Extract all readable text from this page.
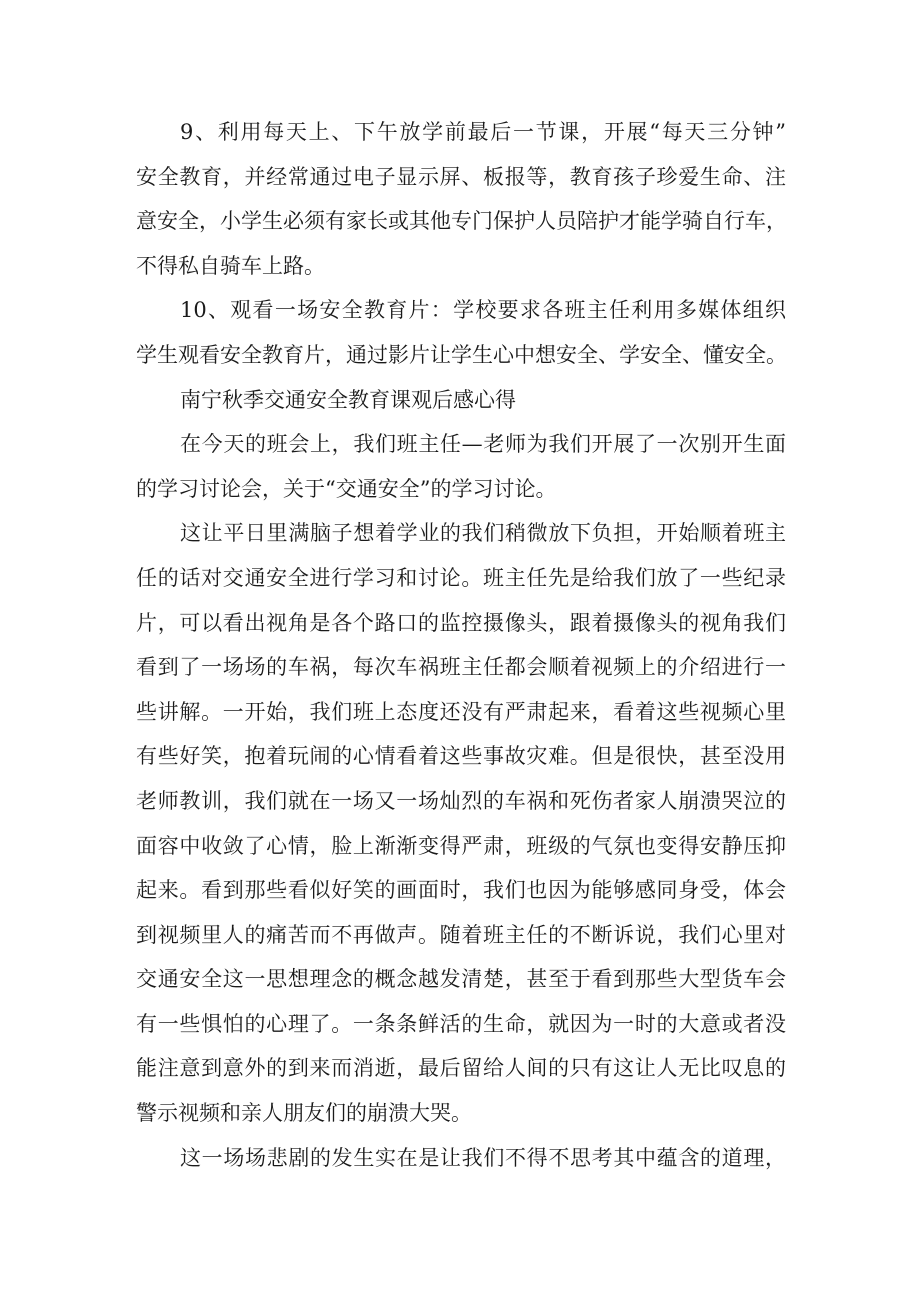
9、利用每天上、下午放学前最后一节课，开展“每天三分钟”
安全教育，并经常通过电子显示屏、板报等，教育孩子珍爱生命、注
意安全，小学生必须有家长或其他专门保护人员陪护才能学骑自行车，
不得私自骑车上路。
10、观看一场安全教育片：学校要求各班主任利用多媒体组织
学生观看安全教育片，通过影片让学生心中想安全、学安全、懂安全。
南宁秋季交通安全教育课观后感心得
在今天的班会上，我们班主任—老师为我们开展了一次别开生面
的学习讨论会，关于“交通安全”的学习讨论。
这让平日里满脑子想着学业的我们稍微放下负担，开始顺着班主
任的话对交通安全进行学习和讨论。班主任先是给我们放了一些纪录
片，可以看出视角是各个路口的监控摄像头，跟着摄像头的视角我们
看到了一场场的车祸，每次车祸班主任都会顺着视频上的介绍进行一
些讲解。一开始，我们班上态度还没有严肃起来，看着这些视频心里
有些好笑，抱着玩闹的心情看着这些事故灾难。但是很快，甚至没用
老师教训，我们就在一场又一场灿烈的车祸和死伤者家人崩溃哭泣的
面容中收敛了心情，脸上渐渐变得严肃，班级的气氛也变得安静压抑
起来。看到那些看似好笑的画面时，我们也因为能够感同身受，体会
到视频里人的痛苦而不再做声。随着班主任的不断诉说，我们心里对
交通安全这一思想理念的概念越发清楚，甚至于看到那些大型货车会
有一些惧怕的心理了。一条条鲜活的生命，就因为一时的大意或者没
能注意到意外的到来而消逝，最后留给人间的只有这让人无比叹息的
警示视频和亲人朋友们的崩溃大哭。
这一场场悲剧的发生实在是让我们不得不思考其中蕴含的道理，
